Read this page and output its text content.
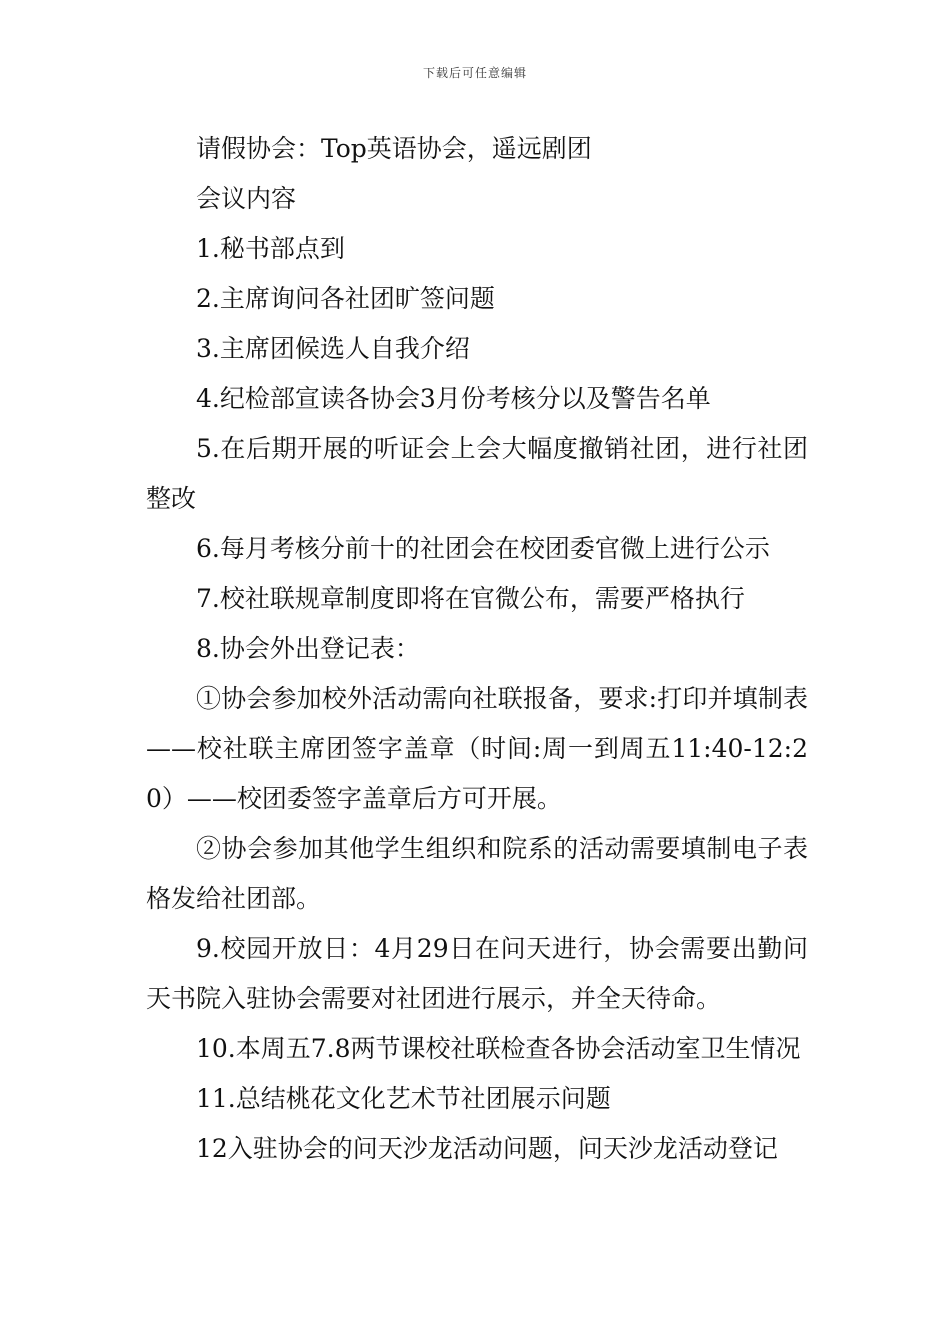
下载后可任意编辑

请假协会：Top英语协会，遥远剧团

会议内容

1.秘书部点到

2.主席询问各社团旷签问题

3.主席团候选人自我介绍

4.纪检部宣读各协会3月份考核分以及警告名单

5.在后期开展的听证会上会大幅度撤销社团，进行社团整改

6.每月考核分前十的社团会在校团委官微上进行公示

7.校社联规章制度即将在官微公布，需要严格执行

8.协会外出登记表：

①协会参加校外活动需向社联报备，要求:打印并填制表——校社联主席团签字盖章（时间:周一到周五11:40-12:20）——校团委签字盖章后方可开展。

②协会参加其他学生组织和院系的活动需要填制电子表格发给社团部。

9.校园开放日：4月29日在问天进行，协会需要出勤问天书院入驻协会需要对社团进行展示，并全天待命。

10.本周五7.8两节课校社联检查各协会活动室卫生情况

11.总结桃花文化艺术节社团展示问题

12入驻协会的问天沙龙活动问题，问天沙龙活动登记
